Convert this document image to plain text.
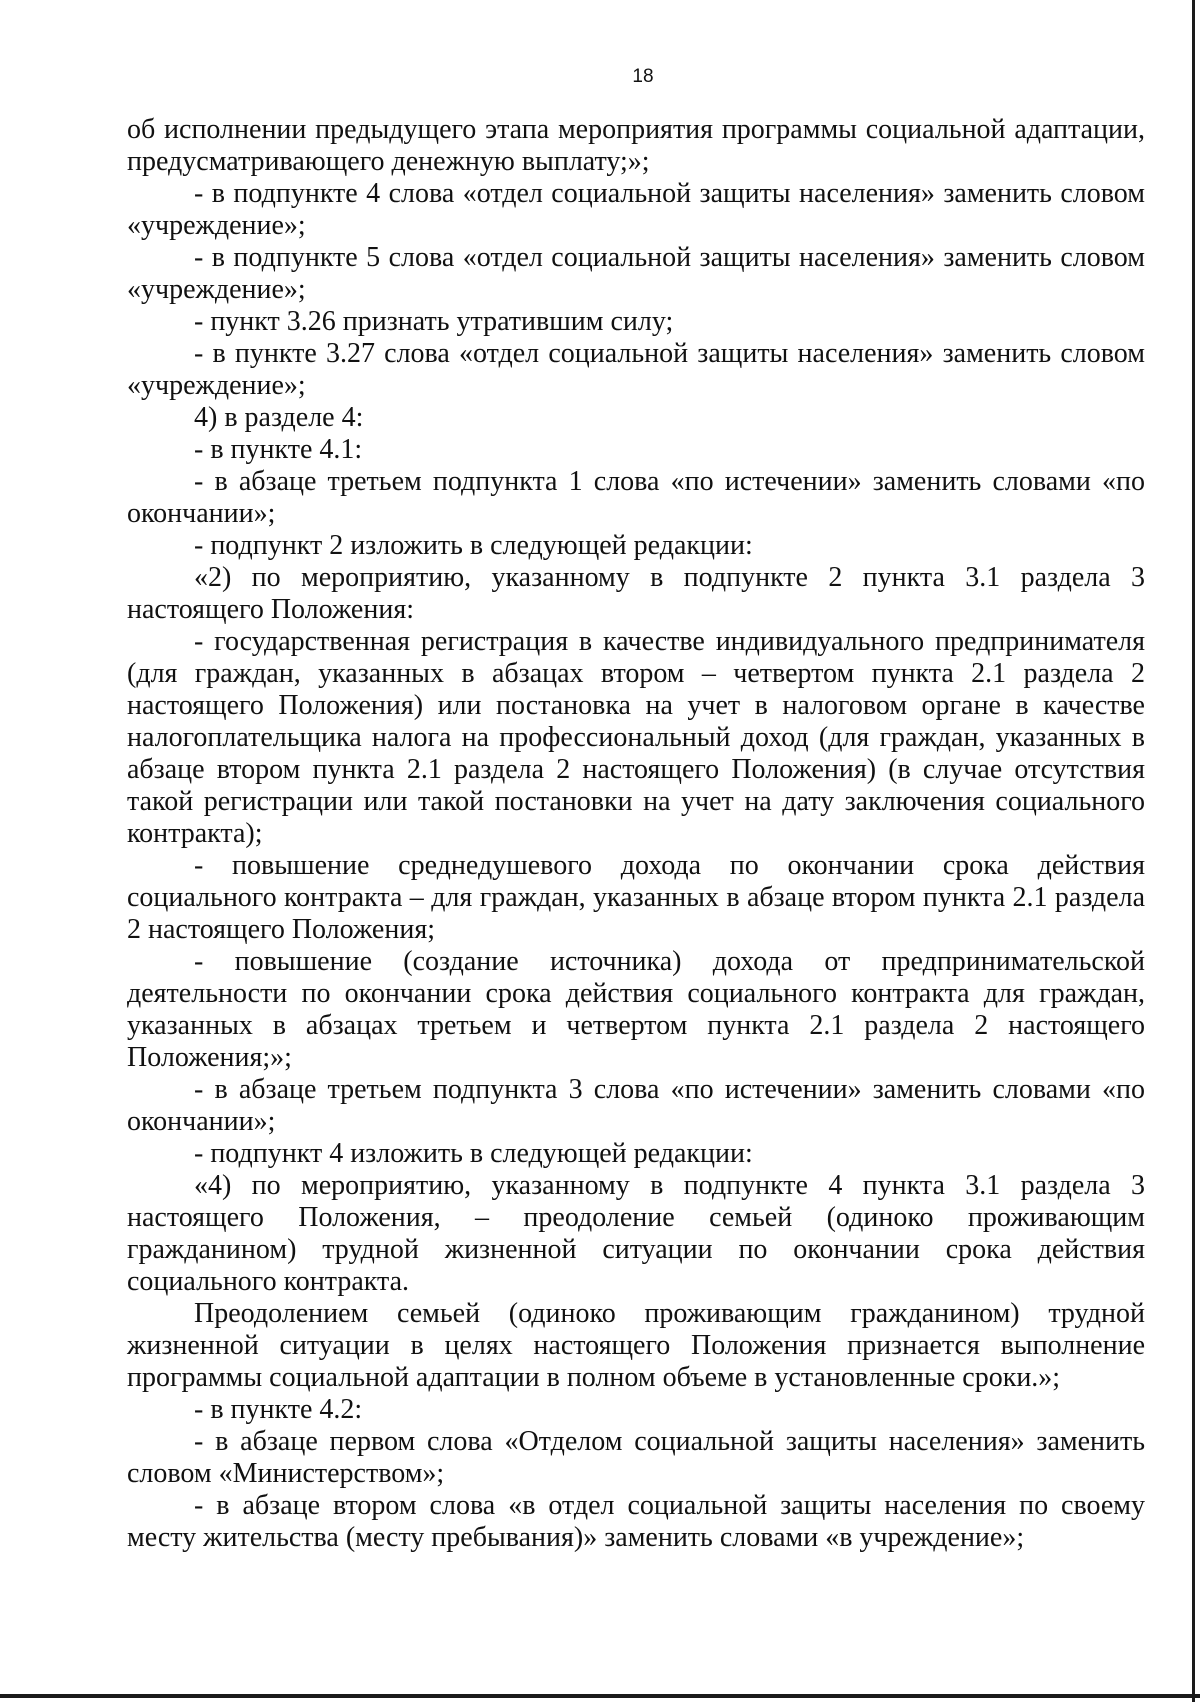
18

об исполнении предыдущего этапа мероприятия программы социальной адаптации, предусматривающего денежную выплату;»;

- в подпункте 4 слова «отдел социальной защиты населения» заменить словом «учреждение»;

- в подпункте 5 слова «отдел социальной защиты населения» заменить словом «учреждение»;

- пункт 3.26 признать утратившим силу;

- в пункте 3.27 слова «отдел социальной защиты населения» заменить словом «учреждение»;

4) в разделе 4:

- в пункте 4.1:

- в абзаце третьем подпункта 1 слова «по истечении» заменить словами «по окончании»;

- подпункт 2 изложить в следующей редакции:

«2) по мероприятию, указанному в подпункте 2 пункта 3.1 раздела 3 настоящего Положения:

- государственная регистрация в качестве индивидуального предпринимателя (для граждан, указанных в абзацах втором – четвертом пункта 2.1 раздела 2 настоящего Положения) или постановка на учет в налоговом органе в качестве налогоплательщика налога на профессиональный доход (для граждан, указанных в абзаце втором пункта 2.1 раздела 2 настоящего Положения) (в случае отсутствия такой регистрации или такой постановки на учет на дату заключения социального контракта);

- повышение среднедушевого дохода по окончании срока действия социального контракта – для граждан, указанных в абзаце втором пункта 2.1 раздела 2 настоящего Положения;

- повышение (создание источника) дохода от предпринимательской деятельности по окончании срока действия социального контракта для граждан, указанных в абзацах третьем и четвертом пункта 2.1 раздела 2 настоящего Положения;»;

- в абзаце третьем подпункта 3 слова «по истечении» заменить словами «по окончании»;

- подпункт 4 изложить в следующей редакции:

«4) по мероприятию, указанному в подпункте 4 пункта 3.1 раздела 3 настоящего Положения, – преодоление семьей (одиноко проживающим гражданином) трудной жизненной ситуации по окончании срока действия социального контракта.

Преодолением семьей (одиноко проживающим гражданином) трудной жизненной ситуации в целях настоящего Положения признается выполнение программы социальной адаптации в полном объеме в установленные сроки.»;

- в пункте 4.2:

- в абзаце первом слова «Отделом социальной защиты населения» заменить словом «Министерством»;

- в абзаце втором слова «в отдел социальной защиты населения по своему месту жительства (месту пребывания)» заменить словами «в учреждение»;
